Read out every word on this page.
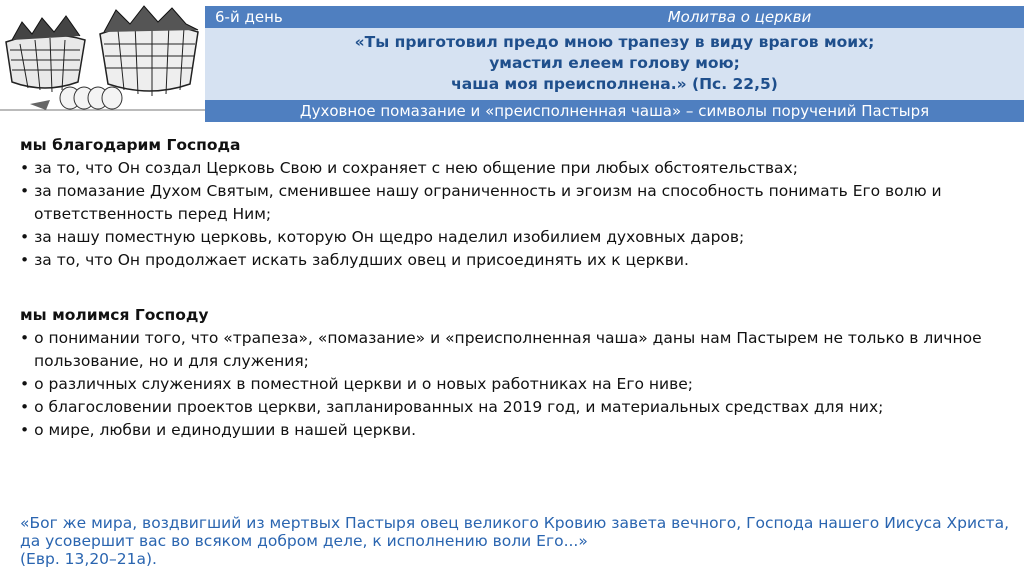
6-й день	Молитва о церкви
«Ты приготовил предо мною трапезу в виду врагов моих;
умастил елеем голову мою;
чаша моя преисполнена.» (Пс. 22,5)
Духовное помазание и «преисполненная чаша» – символы поручений Пастыря
мы благодарим Господа
• за то, что Он создал Церковь Свою и сохраняет с нею общение при любых обстоятельствах;
• за помазание Духом Святым, сменившее нашу ограниченность и эгоизм на способность понимать Его волю и ответственность перед Ним;
• за нашу поместную церковь, которую Он щедро наделил изобилием духовных даров;
• за то, что Он продолжает искать заблудших овец и присоединять их к церкви.
мы молимся Господу
• о понимании того, что «трапеза», «помазание» и «преисполненная чаша» даны нам Пастырем не только в личное пользование, но и для служения;
• о различных служениях в поместной церкви и о новых работниках на Его ниве;
• о благословении проектов церкви, запланированных на 2019 год, и материальных средствах для них;
• о мире, любви и единодушии в нашей церкви.
«Бог же мира, воздвигший из мертвых Пастыря овец великого Кровию завета вечного, Господа нашего Иисуса Христа,
да усовершит вас во всяком добром деле, к исполнению воли Его...»
(Евр. 13,20–21а).
